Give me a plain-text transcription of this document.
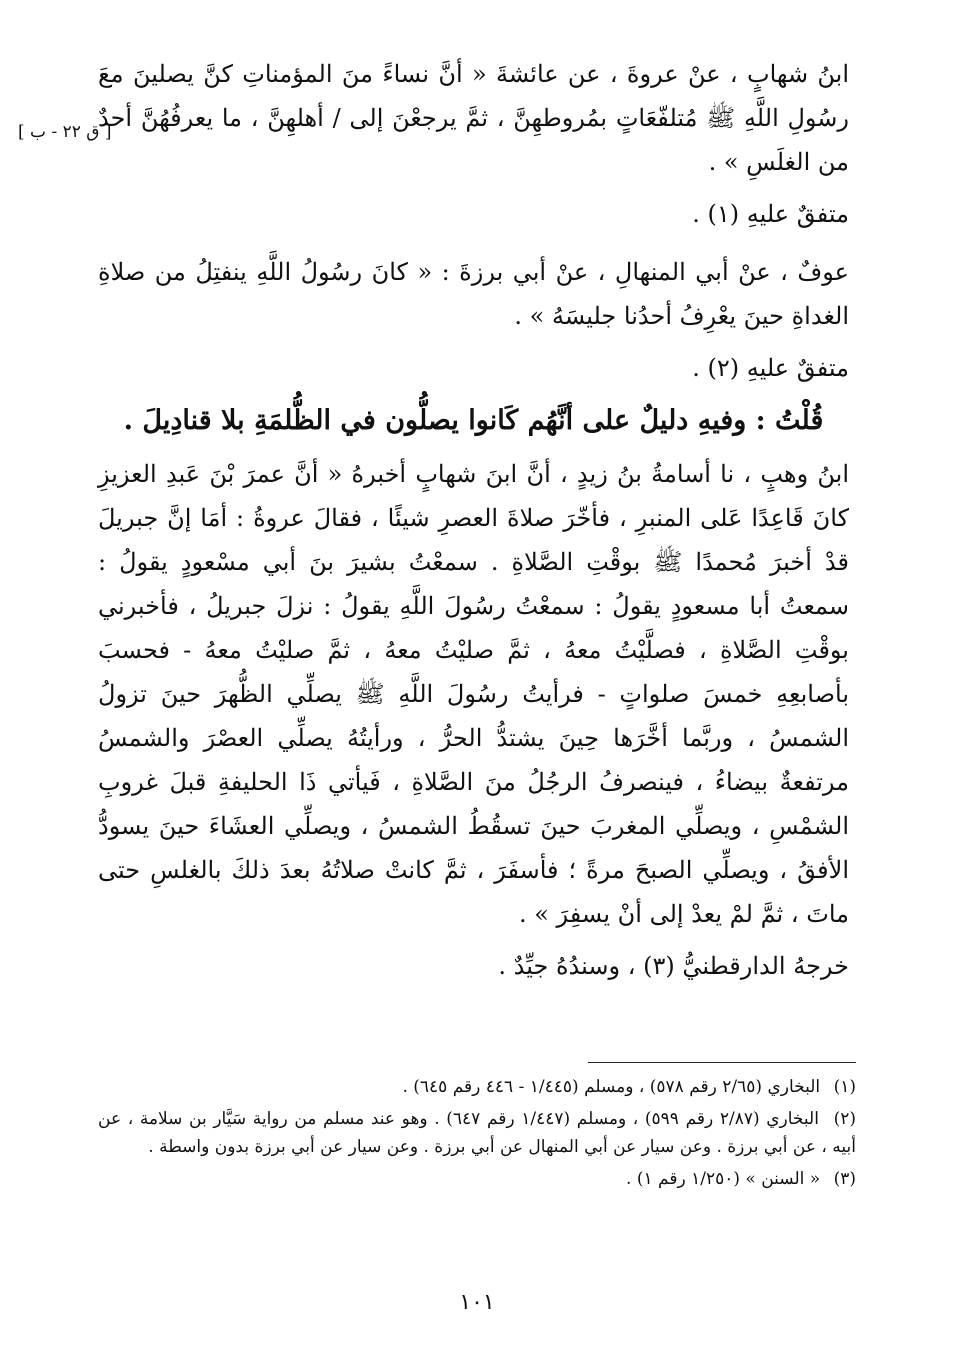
[ ق ٢٢ - ب ]

ابنُ شهابٍ ، عنْ عروةَ ، عن عائشةَ « أنَّ نساءً منَ المؤمناتِ كنَّ يصلينَ معَ رسُولِ اللَّهِ ﷺ مُتلفّعَاتٍ بمُروطهِنَّ ، ثمَّ يرجعْنَ إلى / أهلهِنَّ ، ما يعرفُهُنَّ أحدٌ من الغلَسِ » .

متفقٌ عليهِ (١) .

عوفٌ ، عنْ أبي المنهالِ ، عنْ أبي برزةَ : « كانَ رسُولُ اللَّهِ ينفتِلُ من صلاةِ الغداةِ حينَ يعْرِفُ أحدُنا جليسَهُ » .

متفقٌ عليهِ (٢) .

قُلْتُ : وفيهِ دليلٌ على أنَّهُم كَانوا يصلُّون في الظُّلمَةِ بلا قنادِيلَ .

ابنُ وهبٍ ، نا أسامةُ بنُ زيدٍ ، أنَّ ابنَ شهابٍ أخبرهُ « أنَّ عمرَ بْنَ عَبدِ العزيزِ كانَ قَاعِدًا عَلى المنبرِ ، فأخّرَ صلاةَ العصرِ شيئًا ، فقالَ عروةُ : أمَا إنَّ جبريلَ قدْ أخبرَ مُحمدًا ﷺ بوقْتِ الصَّلاةِ . سمعْتُ بشيرَ بنَ أبي مسْعودٍ يقولُ : سمعتُ أبا مسعودٍ يقولُ : سمعْتُ رسُولَ اللَّهِ يقولُ : نزلَ جبريلُ ، فأخبرني بوقْتِ الصَّلاةِ ، فصلَّيْتُ معهُ ، ثمَّ صليْتُ معهُ ، ثمَّ صليْتُ معهُ - فحسبَ بأصابعِهِ خمسَ صلواتٍ - فرأيتُ رسُولَ اللَّهِ ﷺ يصلِّي الظُّهرَ حينَ تزولُ الشمسُ ، وربَّما أخَّرَها حِينَ يشتدُّ الحرُّ ، ورأيتُهُ يصلِّي العصْرَ والشمسُ مرتفعةٌ بيضاءُ ، فينصرفُ الرجُلُ منَ الصَّلاةِ ، فَيأتي ذَا الحليفةِ قبلَ غروبِ الشمْسِ ، ويصلِّي المغربَ حينَ تسقُطُ الشمسُ ، ويصلِّي العشَاءَ حينَ يسودُّ الأفقُ ، ويصلِّي الصبحَ مرةً ؛ فأسفَرَ ، ثمَّ كانتْ صلاتُهُ بعدَ ذلكَ بالغلسِ حتى ماتَ ، ثمَّ لمْ يعدْ إلى أنْ يسفِرَ » .

خرجهُ الدارقطنيُّ (٣) ، وسندُهُ جيِّدٌ .

(١) البخاري (٢/٦٥ رقم ٥٧٨) ، ومسلم (١/٤٤٥ - ٤٤٦ رقم ٦٤٥) .

(٢) البخاري (٢/٨٧ رقم ٥٩٩) ، ومسلم (١/٤٤٧ رقم ٦٤٧) . وهو عند مسلم من رواية سَيَّار بن سلامة ، عن أبيه ، عن أبي برزة . وعن سيار عن أبي المنهال عن أبي برزة . وعن سيار عن أبي برزة بدون واسطة .

(٣) « السنن » (١/٢٥٠ رقم ١) .

١٠١
